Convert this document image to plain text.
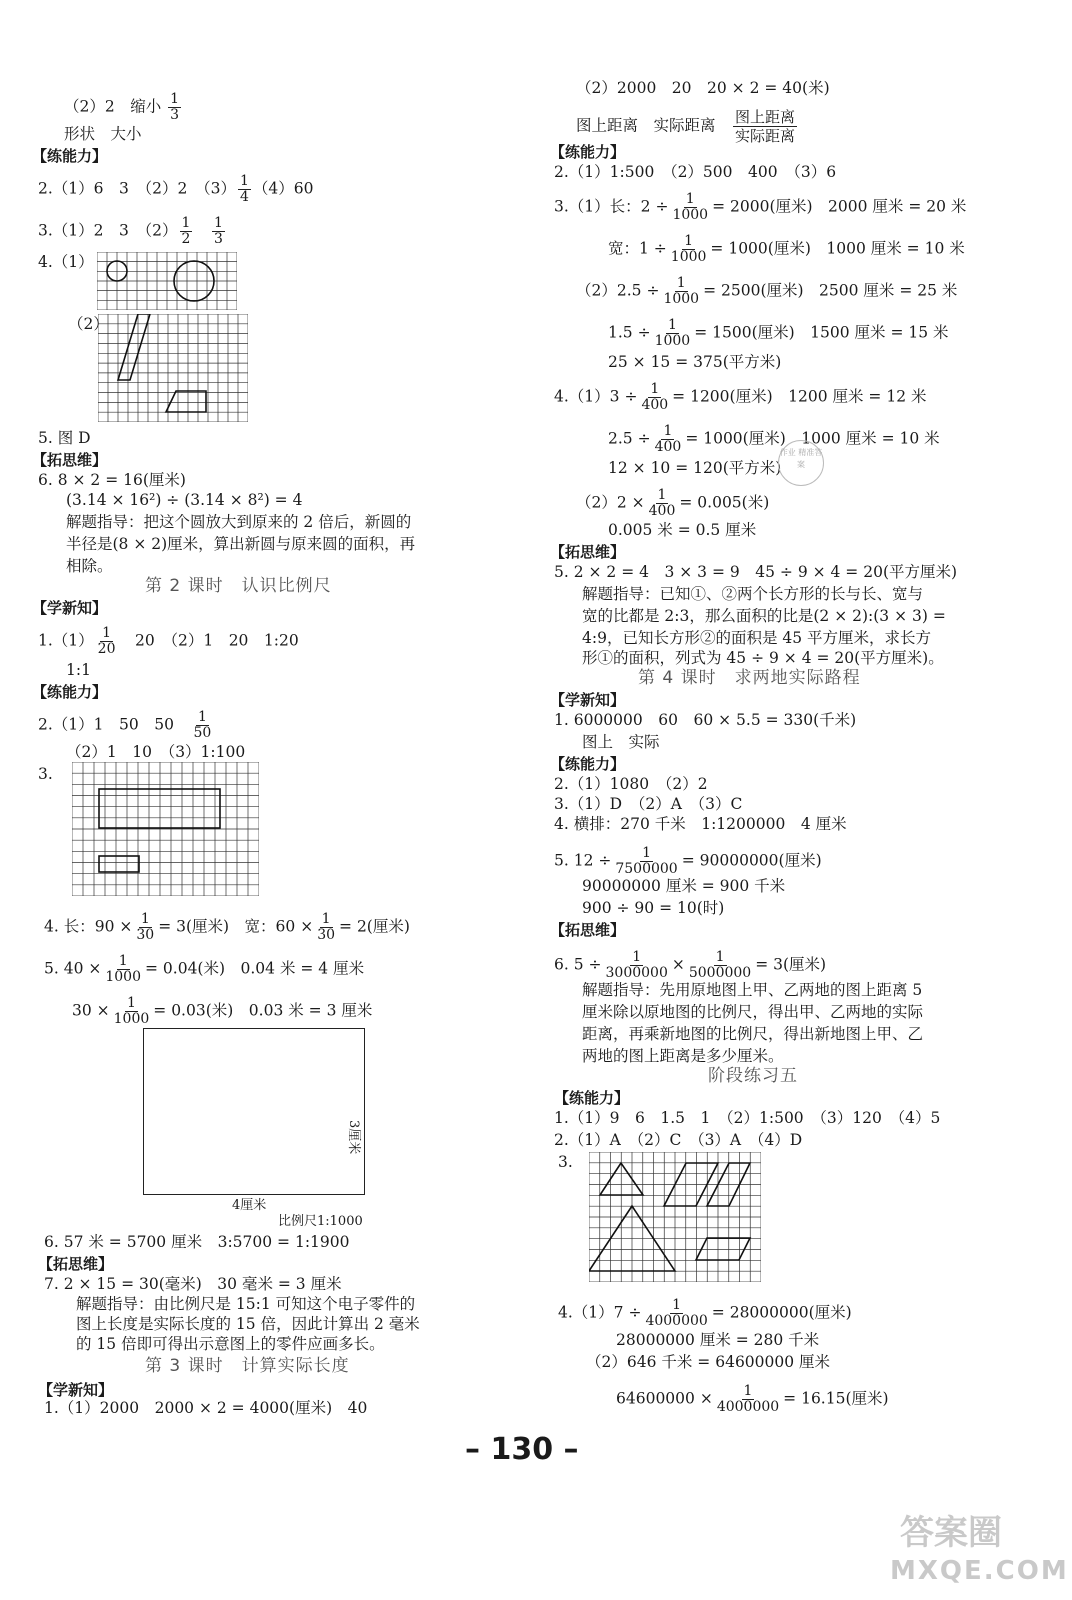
（2）2　缩小 $\frac{1}{3}$
形状　大小
【练能力】
2.（1）6　3　（2）2　$(3) \frac{1}{4} (4)60$
3.（1）2　3　$(2) \frac{1}{2}$
　 $\frac{1}{3}$
4.（1）
（2）
5. 图 D
【拓思维】
6. 8 × 2 = 16(厘米)
(3.14 × 16²) ÷ (3.14 × 8²) = 4
解题指导：把这个圆放大到原来的 2 倍后，新圆的
半径是(8 × 2)厘米，算出新圆与原来圆的面积，再
相除。
第 2 课时　认识比例尺
【学新知】
$1.(1) \frac{1}{20}$
　 20　（2）1　20　1:20
1:1
【练能力】
2.（1）1　50　50　 $\frac{1}{50}$
（2）1　10　（3）1:100
3.
4. 长：$90 \times \frac{1}{30} = 3$(厘米)　宽：$60 \times \frac{1}{30} = 2$(厘米)
5. $40 \times \frac{1}{1000} = 0.04$(米)　0.04 米 = 4 厘米
$30 \times \frac{1}{1000} = 0.03$(米)　0.03 米 = 3 厘米
4厘米
3厘米
比例尺1:1000
6. 57 米 = 5700 厘米　3:5700 = 1:1900
【拓思维】
7. 2 × 15 = 30(毫米)　30 毫米 = 3 厘米
解题指导：由比例尺是 15:1 可知这个电子零件的
图上长度是实际长度的 15 倍，因此计算出 2 毫米
的 15 倍即可得出示意图上的零件应画多长。
第 3 课时　计算实际长度
【学新知】
1.（1）2000　2000 × 2 = 4000(厘米)　40
（2）2000　20　20 × 2 = 40(米)
图上距离　实际距离　 $\frac{\text{图上距离}}{\text{实际距离}}$
【练能力】
2.（1）1:500　（2）500　400　（3）6
3.（1）长：$2 \div \frac{1}{1000} = 2000$(厘米)　2000 厘米 = 20 米
宽：$1 \div \frac{1}{1000} = 1000$(厘米)　1000 厘米 = 10 米
$(2)2.5 \div \frac{1}{1000} = 2500$(厘米)　2500 厘米 = 25 米
$1.5 \div \frac{1}{1000} = 1500$(厘米)　1500 厘米 = 15 米
25 × 15 = 375(平方米)
$4.(1)3 \div \frac{1}{400} = 1200$(厘米)　1200 厘米 = 12 米
$2.5 \div \frac{1}{400} = 1000$(厘米)　1000 厘米 = 10 米
12 × 10 = 120(平方米)
$(2)2 \times \frac{1}{400} = 0.005$(米)
0.005 米 = 0.5 厘米
【拓思维】
5. 2 × 2 = 4　3 × 3 = 9　45 ÷ 9 × 4 = 20(平方厘米)
解题指导：已知①、②两个长方形的长与长、宽与
宽的比都是 2:3，那么面积的比是(2 × 2):(3 × 3) =
4:9，已知长方形②的面积是 45 平方厘米，求长方
形①的面积，列式为 45 ÷ 9 × 4 = 20(平方厘米)。
第 4 课时　求两地实际路程
【学新知】
1. 6000000　60　60 × 5.5 = 330(千米)
图上　实际
【练能力】
2.（1）1080　（2）2
3.（1）D　（2）A　（3）C
4. 横排：270 千米　1:1200000　4 厘米
5. $12 \div \frac{1}{7500000} = 90000000$(厘米)
90000000 厘米 = 900 千米
900 ÷ 90 = 10(时)
【拓思维】
6. $5 \div \frac{1}{3000000} \times \frac{1}{5000000} = 3$(厘米)
解题指导：先用原地图上甲、乙两地的图上距离 5
厘米除以原地图的比例尺，得出甲、乙两地的实际
距离，再乘新地图的比例尺，得出新地图上甲、乙
两地的图上距离是多少厘米。
阶段练习五
【练能力】
1.（1）9　6　1.5　1　（2）1:500　（3）120　（4）5
2.（1）A　（2）C　（3）A　（4）D
3.
$4.(1)7 \div \frac{1}{4000000} = 28000000$(厘米)
28000000 厘米 = 280 千米
（2）646 千米 = 64600000 厘米
$64600000 \times \frac{1}{4000000} = 16.15$(厘米)
作业 精准答案
– 130 –
答案圈
MXQE.COM
